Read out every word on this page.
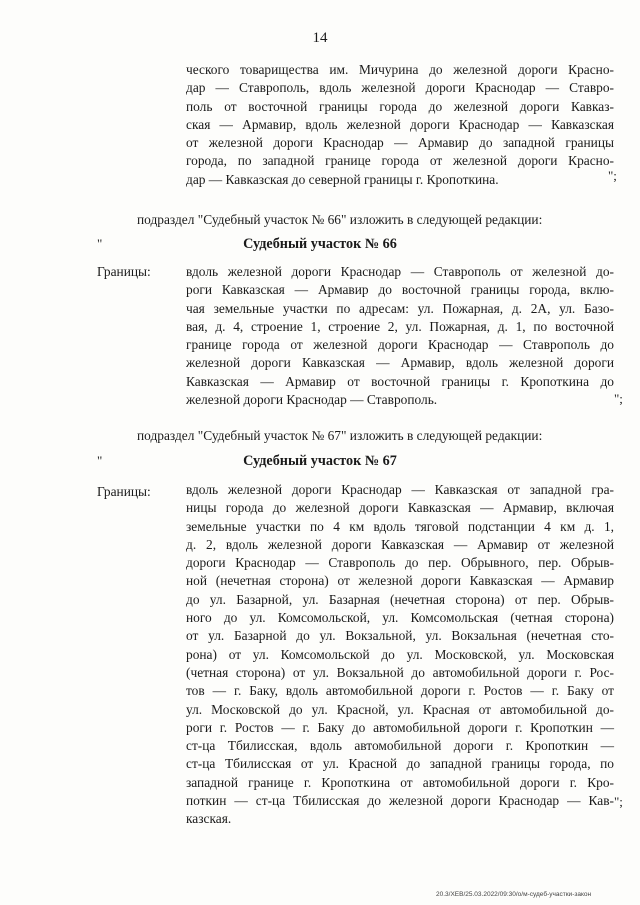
14
ческого товарищества им. Мичурина до железной дороги Красно-
дар — Ставрополь, вдоль железной дороги Краснодар — Ставро-
поль от восточной границы города до железной дороги Кавказ-
ская — Армавир, вдоль железной дороги Краснодар — Кавказская
от железной дороги Краснодар — Армавир до западной границы
города, по западной границе города от железной дороги Красно-
дар — Кавказская до северной границы г. Кропоткина.	";
подраздел "Судебный участок № 66" изложить в следующей редакции:
"	Судебный участок № 66
Границы:	вдоль железной дороги Краснодар — Ставрополь от железной до-
роги Кавказская — Армавир до восточной границы города, вклю-
чая земельные участки по адресам: ул. Пожарная, д. 2А, ул. Базо-
вая, д. 4, строение 1, строение 2, ул. Пожарная, д. 1, по восточной
границе города от железной дороги Краснодар — Ставрополь до
железной дороги Кавказская — Армавир, вдоль железной дороги
Кавказская — Армавир от восточной границы г. Кропоткина до
железной дороги Краснодар — Ставрополь.	";
подраздел "Судебный участок № 67" изложить в следующей редакции:
"	Судебный участок № 67
Границы:	вдоль железной дороги Краснодар — Кавказская от западной гра-
ницы города до железной дороги Кавказская — Армавир, включая
земельные участки по 4 км вдоль тяговой подстанции 4 км д. 1,
д. 2, вдоль железной дороги Кавказская — Армавир от железной
дороги Краснодар — Ставрополь до пер. Обрывного, пер. Обрыв-
ной (нечетная сторона) от железной дороги Кавказская — Армавир
до ул. Базарной, ул. Базарная (нечетная сторона) от пер. Обрыв-
ного до ул. Комсомольской, ул. Комсомольская (четная сторона)
от ул. Базарной до ул. Вокзальной, ул. Вокзальная (нечетная сто-
рона) от ул. Комсомольской до ул. Московской, ул. Московская
(четная сторона) от ул. Вокзальной до автомобильной дороги г. Рос-
тов — г. Баку, вдоль автомобильной дороги г. Ростов — г. Баку от
ул. Московской до ул. Красной, ул. Красная от автомобильной до-
роги г. Ростов — г. Баку до автомобильной дороги г. Кропоткин —
ст-ца Тбилисская, вдоль автомобильной дороги г. Кропоткин —
ст-ца Тбилисская от ул. Красной до западной границы города, по
западной границе г. Кропоткина от автомобильной дороги г. Кро-
поткин — ст-ца Тбилисская до железной дороги Краснодар — Кав-
казская.
";
20.3/ХЕВ/25.03.2022/09:30/о/м-судеб-участки-закон
